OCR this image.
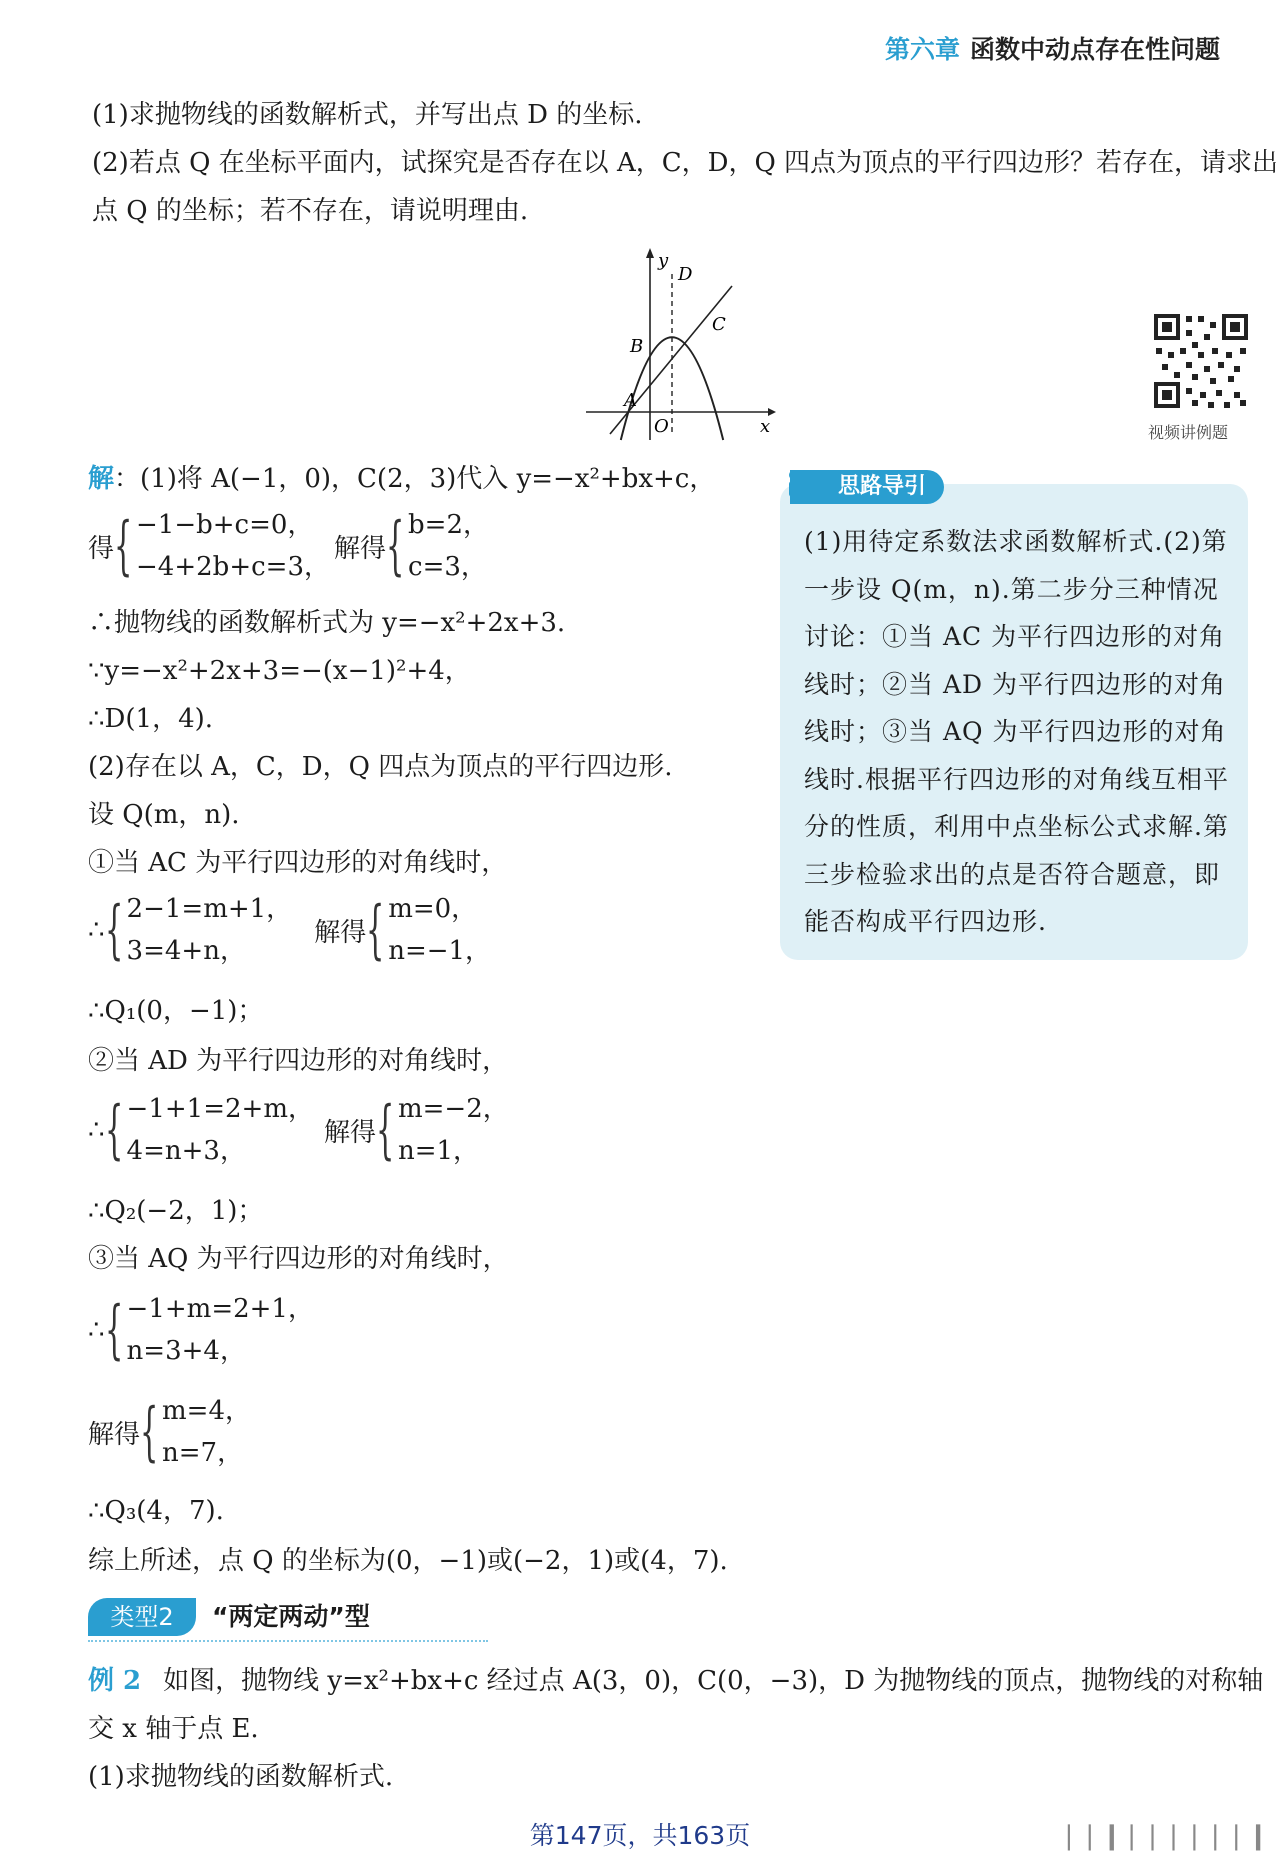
第六章 函数中动点存在性问题
(1)求抛物线的函数解析式，并写出点 D 的坐标.
(2)若点 Q 在坐标平面内，试探究是否存在以 A，C，D，Q 四点为顶点的平行四边形？若存在，请求出
点 Q 的坐标；若不存在，请说明理由.
y
x
O
A
B
C
D
视频讲例题
解：(1)将 A(−1，0)，C(2，3)代入 y=−x²+bx+c，
得 { −1−b+c=0，
−4+2b+c=3，
解得 { b=2，
c=3，
∴抛物线的函数解析式为 y=−x²+2x+3.
∵y=−x²+2x+3=−(x−1)²+4，
∴D(1，4).
(2)存在以 A，C，D，Q 四点为顶点的平行四边形.
设 Q(m，n).
①当 AC 为平行四边形的对角线时，
∴ { 2−1=m+1，
3=4+n，
解得 { m=0，
n=−1，
∴Q₁(0，−1)；
②当 AD 为平行四边形的对角线时，
∴ { −1+1=2+m，
4=n+3，
解得 { m=−2，
n=1，
∴Q₂(−2，1)；
③当 AQ 为平行四边形的对角线时，
∴ { −1+m=2+1，
n=3+4，
解得 { m=4，
n=7，
∴Q₃(4，7).
综上所述，点 Q 的坐标为(0，−1)或(−2，1)或(4，7).
思路导引
(1)用待定系数法求函数解析式.(2)第一步设 Q(m，n).第二步分三种情况讨论：①当 AC 为平行四边形的对角线时；②当 AD 为平行四边形的对角线时；③当 AQ 为平行四边形的对角线时.根据平行四边形的对角线互相平分的性质，利用中点坐标公式求解.第三步检验求出的点是否符合题意，即能否构成平行四边形.
类型2	“两定两动”型
例 2 如图，抛物线 y=x²+bx+c 经过点 A(3，0)，C(0，−3)，D 为抛物线的顶点，抛物线的对称轴
交 x 轴于点 E.
(1)求抛物线的函数解析式.
第147页，共163页	▏▏▎▏▏▏▏▏▏▎
